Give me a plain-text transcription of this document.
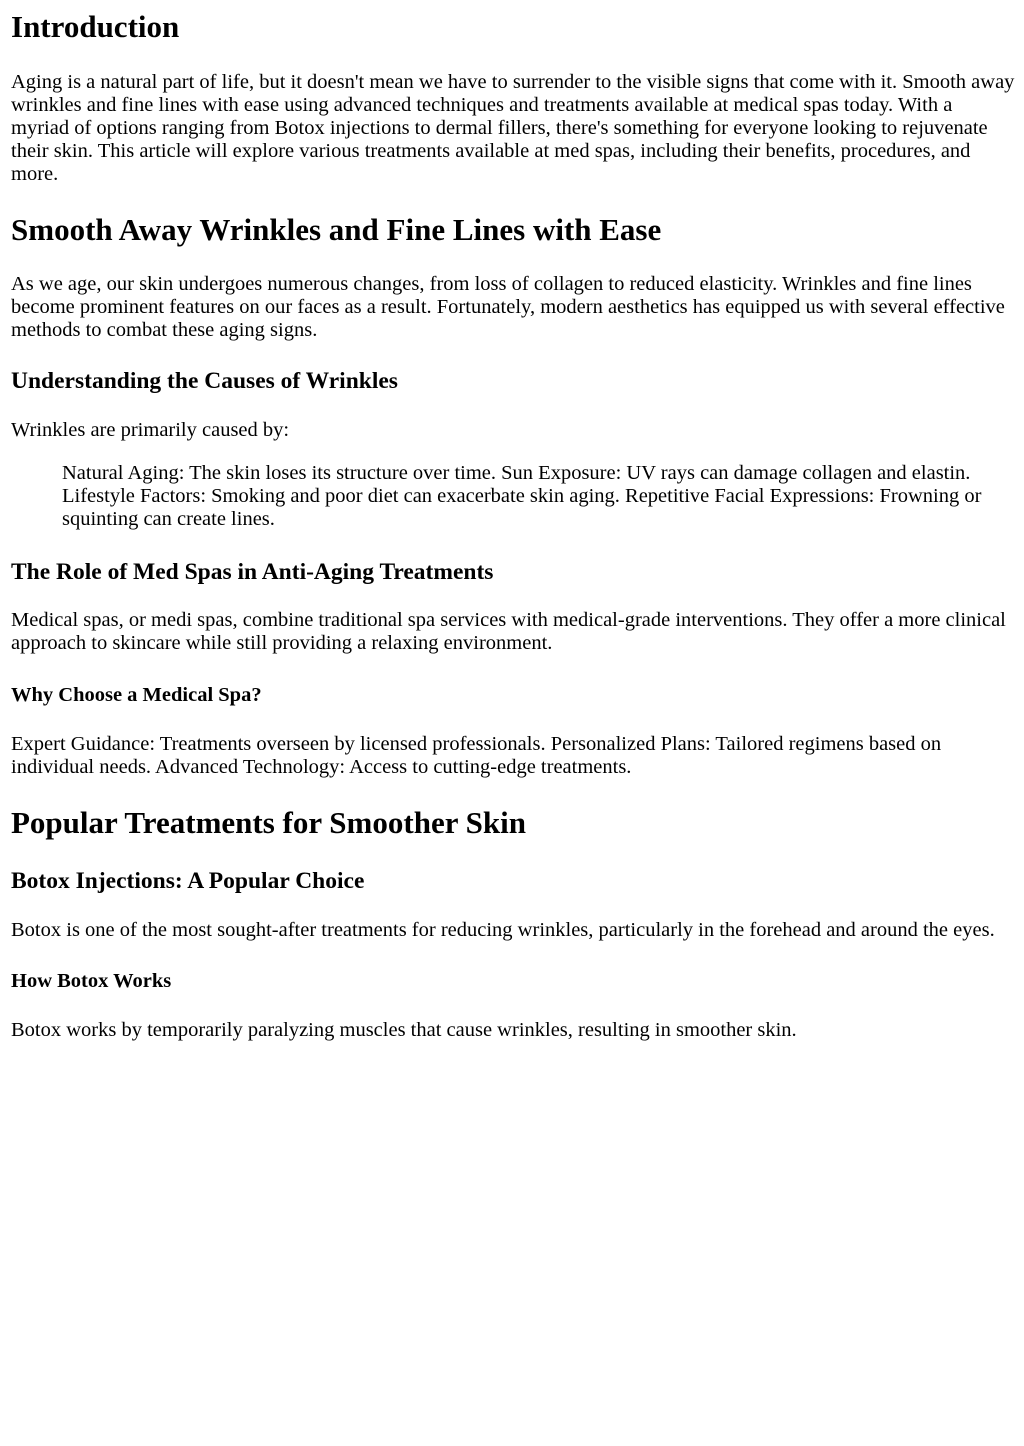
Introduction

Aging is a natural part of life, but it doesn't mean we have to surrender to the visible signs that come with it. Smooth away wrinkles and fine lines with ease using advanced techniques and treatments available at medical spas today. With a myriad of options ranging from Botox injections to dermal fillers, there's something for everyone looking to rejuvenate their skin. This article will explore various treatments available at med spas, including their benefits, procedures, and more.

Smooth Away Wrinkles and Fine Lines with Ease

As we age, our skin undergoes numerous changes, from loss of collagen to reduced elasticity. Wrinkles and fine lines become prominent features on our faces as a result. Fortunately, modern aesthetics has equipped us with several effective methods to combat these aging signs.

Understanding the Causes of Wrinkles

Wrinkles are primarily caused by:

Natural Aging: The skin loses its structure over time. Sun Exposure: UV rays can damage collagen and elastin. Lifestyle Factors: Smoking and poor diet can exacerbate skin aging. Repetitive Facial Expressions: Frowning or squinting can create lines.
The Role of Med Spas in Anti-Aging Treatments

Medical spas, or medi spas, combine traditional spa services with medical-grade interventions. They offer a more clinical approach to skincare while still providing a relaxing environment.

Why Choose a Medical Spa?

Expert Guidance: Treatments overseen by licensed professionals. Personalized Plans: Tailored regimens based on individual needs. Advanced Technology: Access to cutting-edge treatments.

Popular Treatments for Smoother Skin
Botox Injections: A Popular Choice

Botox is one of the most sought-after treatments for reducing wrinkles, particularly in the forehead and around the eyes.

How Botox Works

Botox works by temporarily paralyzing muscles that cause wrinkles, resulting in smoother skin.
